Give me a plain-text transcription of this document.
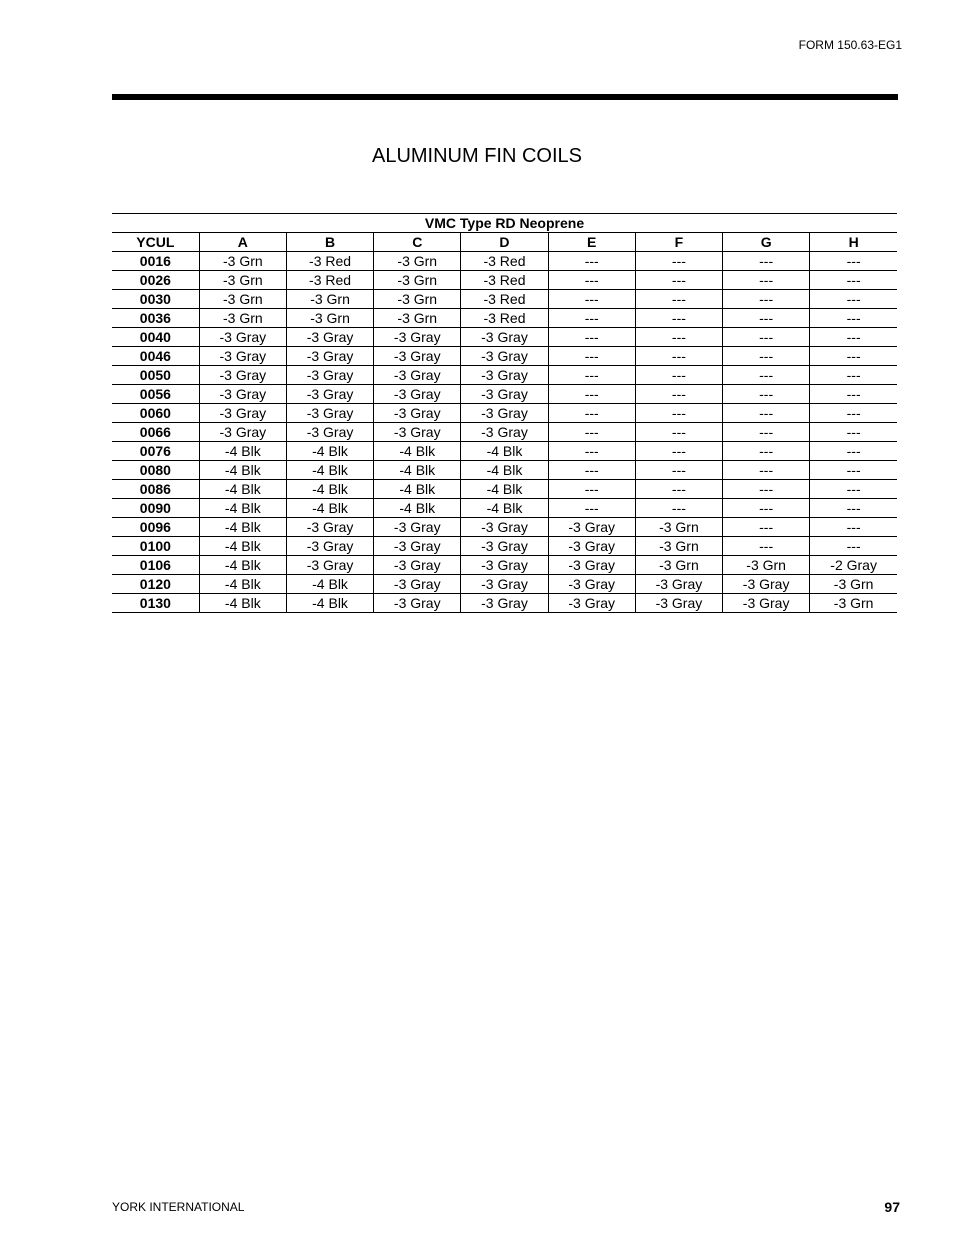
FORM 150.63-EG1
ALUMINUM FIN COILS
VMC Type RD Neoprene								
YCUL	A	B	C	D	E	F	G	H
0016	-3 Grn	-3 Red	-3 Grn	-3 Red	---	---	---	---
0026	-3 Grn	-3 Red	-3 Grn	-3 Red	---	---	---	---
0030	-3 Grn	-3 Grn	-3 Grn	-3 Red	---	---	---	---
0036	-3 Grn	-3 Grn	-3 Grn	-3 Red	---	---	---	---
0040	-3 Gray	-3 Gray	-3 Gray	-3 Gray	---	---	---	---
0046	-3 Gray	-3 Gray	-3 Gray	-3 Gray	---	---	---	---
0050	-3 Gray	-3 Gray	-3 Gray	-3 Gray	---	---	---	---
0056	-3 Gray	-3 Gray	-3 Gray	-3 Gray	---	---	---	---
0060	-3 Gray	-3 Gray	-3 Gray	-3 Gray	---	---	---	---
0066	-3 Gray	-3 Gray	-3 Gray	-3 Gray	---	---	---	---
0076	-4 Blk	-4 Blk	-4 Blk	-4 Blk	---	---	---	---
0080	-4 Blk	-4 Blk	-4 Blk	-4 Blk	---	---	---	---
0086	-4 Blk	-4 Blk	-4 Blk	-4 Blk	---	---	---	---
0090	-4 Blk	-4 Blk	-4 Blk	-4 Blk	---	---	---	---
0096	-4 Blk	-3 Gray	-3 Gray	-3 Gray	-3 Gray	-3 Grn	---	---
0100	-4 Blk	-3 Gray	-3 Gray	-3 Gray	-3 Gray	-3 Grn	---	---
0106	-4 Blk	-3 Gray	-3 Gray	-3 Gray	-3 Gray	-3 Grn	-3 Grn	-2 Gray
0120	-4 Blk	-4 Blk	-3 Gray	-3 Gray	-3 Gray	-3 Gray	-3 Gray	-3 Grn
0130	-4 Blk	-4 Blk	-3 Gray	-3 Gray	-3 Gray	-3 Gray	-3 Gray	-3 Grn
YORK INTERNATIONAL	97
